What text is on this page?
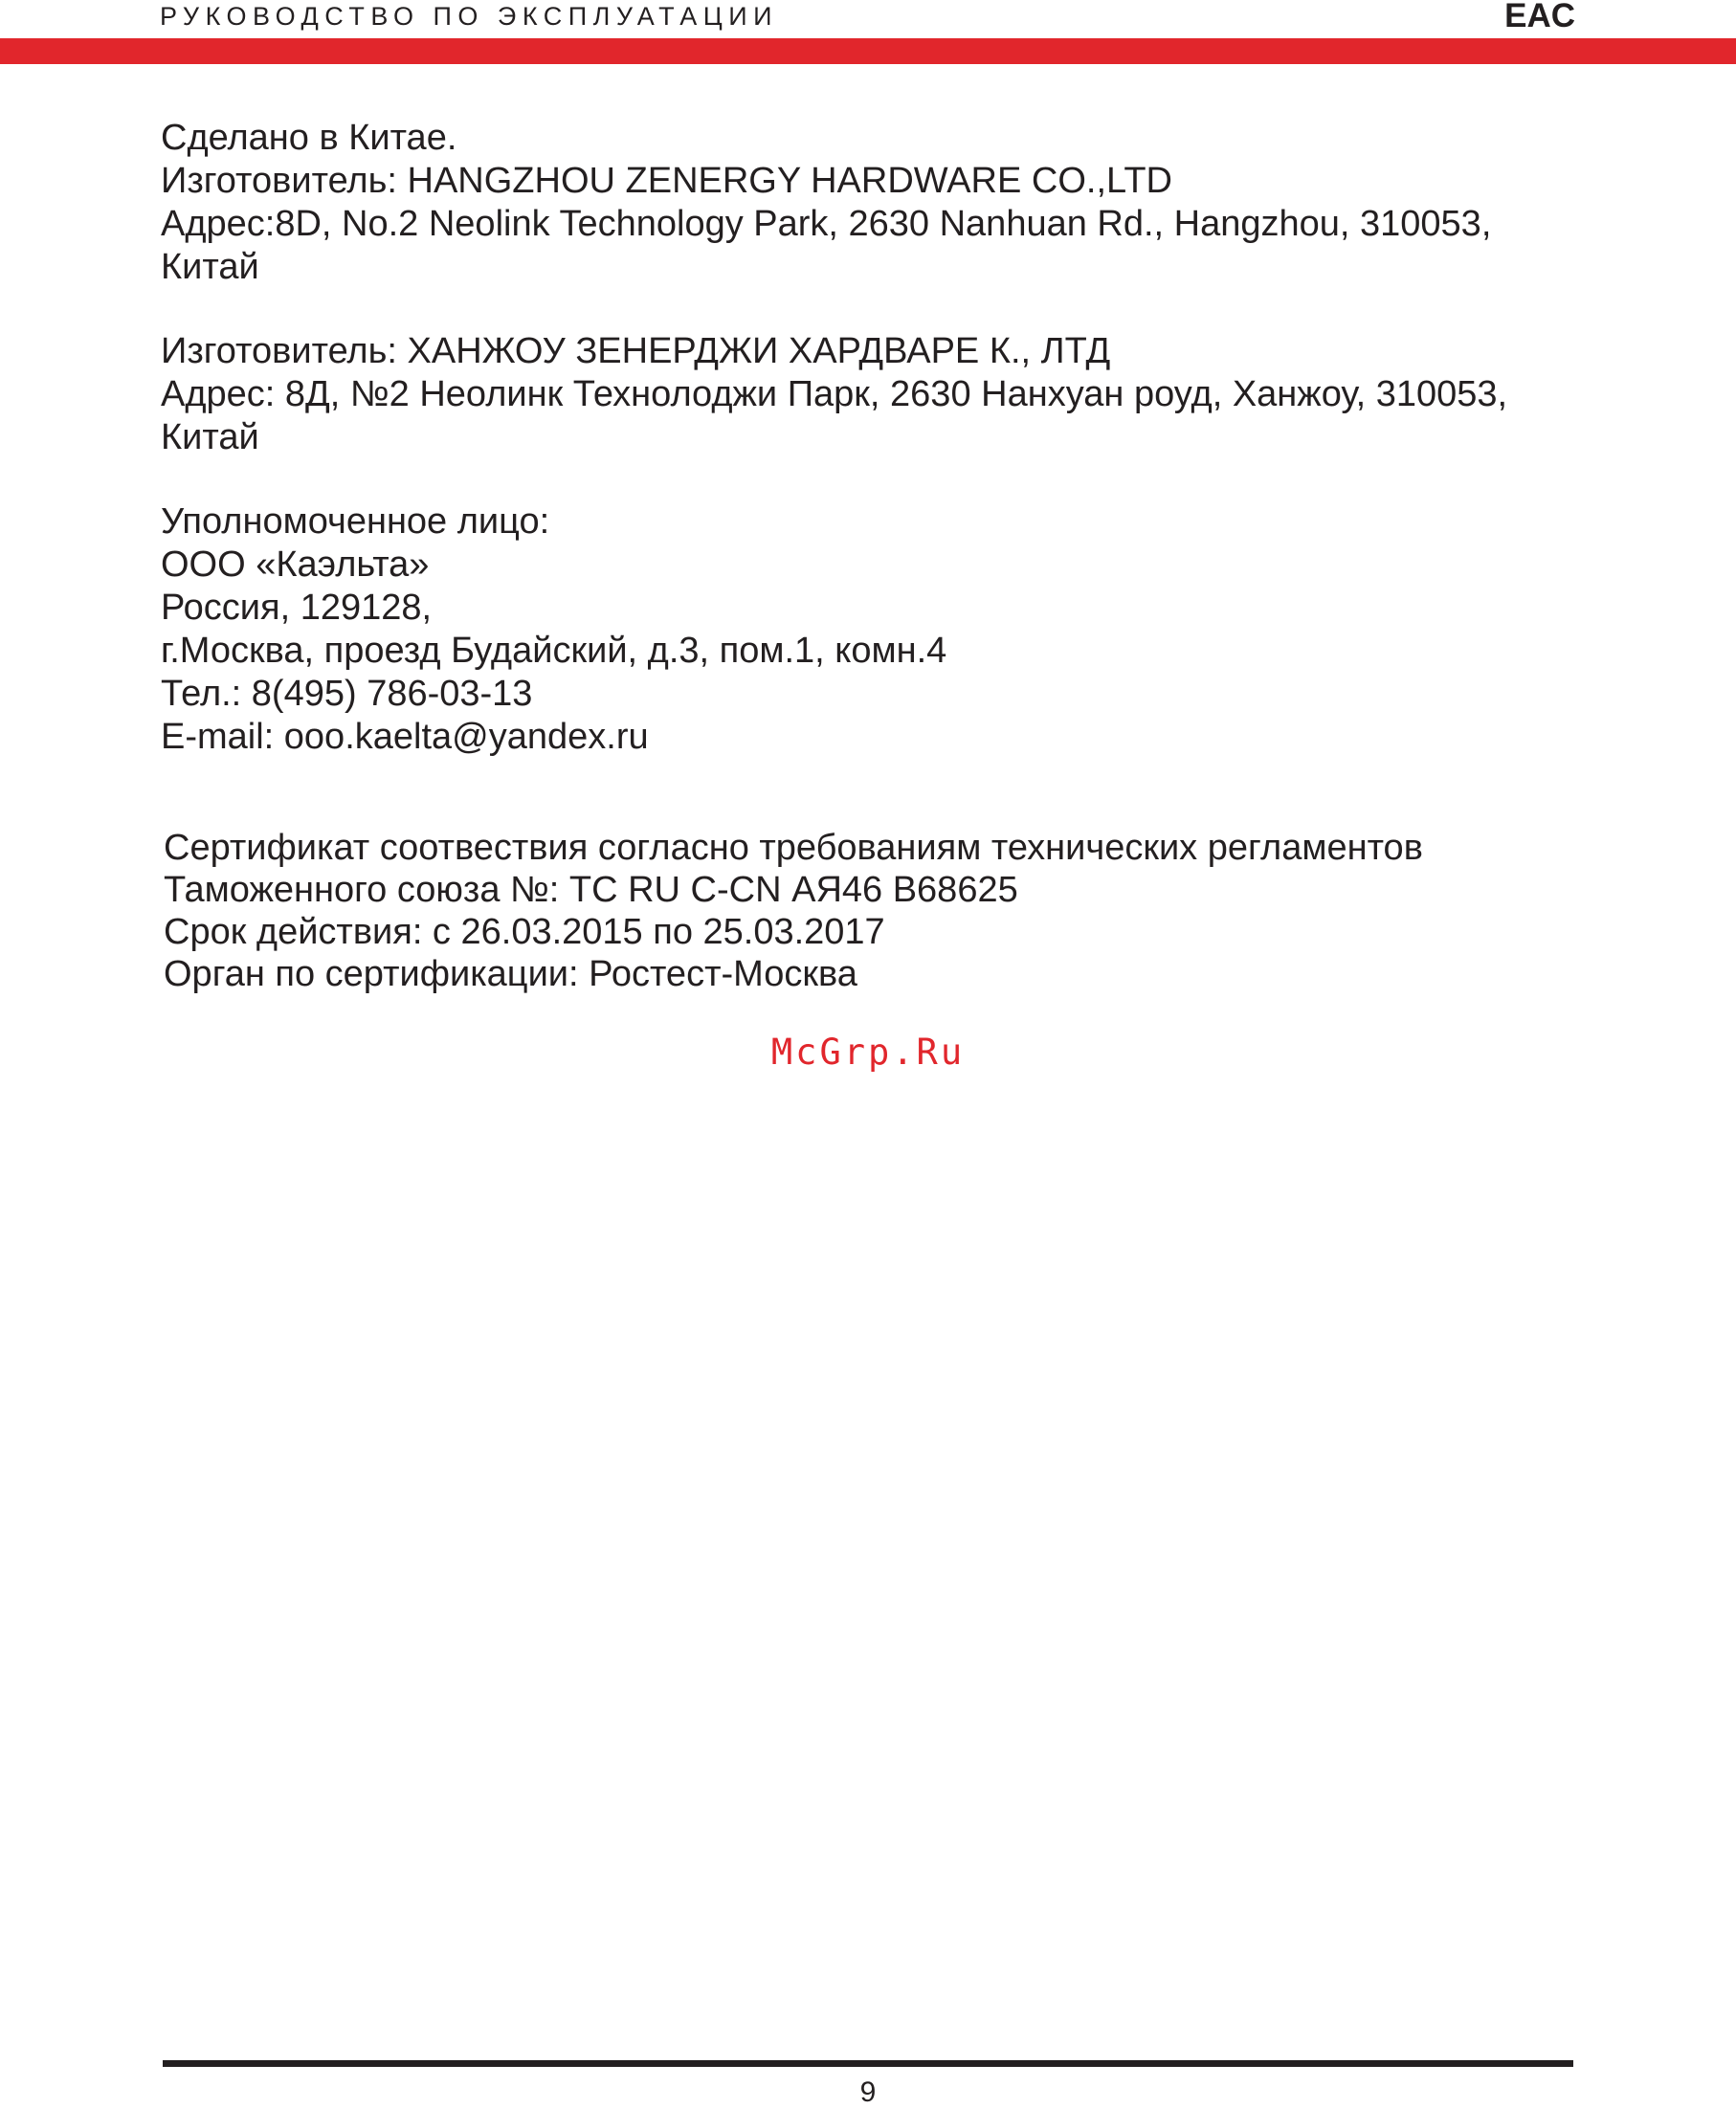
РУКОВОДСТВО ПО ЭКСПЛУАТАЦИИ	EAC
Сделано в Китае.
Изготовитель: HANGZHOU ZENERGY HARDWARE CO.,LTD
Адрес:8D, No.2 Neolink Technology Park, 2630 Nanhuan Rd., Hangzhou, 310053,
Китай
Изготовитель: ХАНЖОУ ЗЕНЕРДЖИ ХАРДВАРЕ К., ЛТД
Адрес: 8Д, №2 Неолинк Технолоджи Парк, 2630 Нанхуан роуд, Ханжоу, 310053,
Китай
Уполномоченное лицо:
ООО «Каэльта»
Россия, 129128,
г.Москва, проезд Будайский, д.3, пом.1, комн.4
Тел.: 8(495) 786-03-13
E-mail: ooo.kaelta@yandex.ru
Сертификат соотвествия согласно требованиям технических регламентов
Таможенного союза №: ТС RU C-CN АЯ46 В68625
Срок действия: с 26.03.2015 по 25.03.2017
Орган по сертификации: Ростест-Москва
McGrp.Ru
9
